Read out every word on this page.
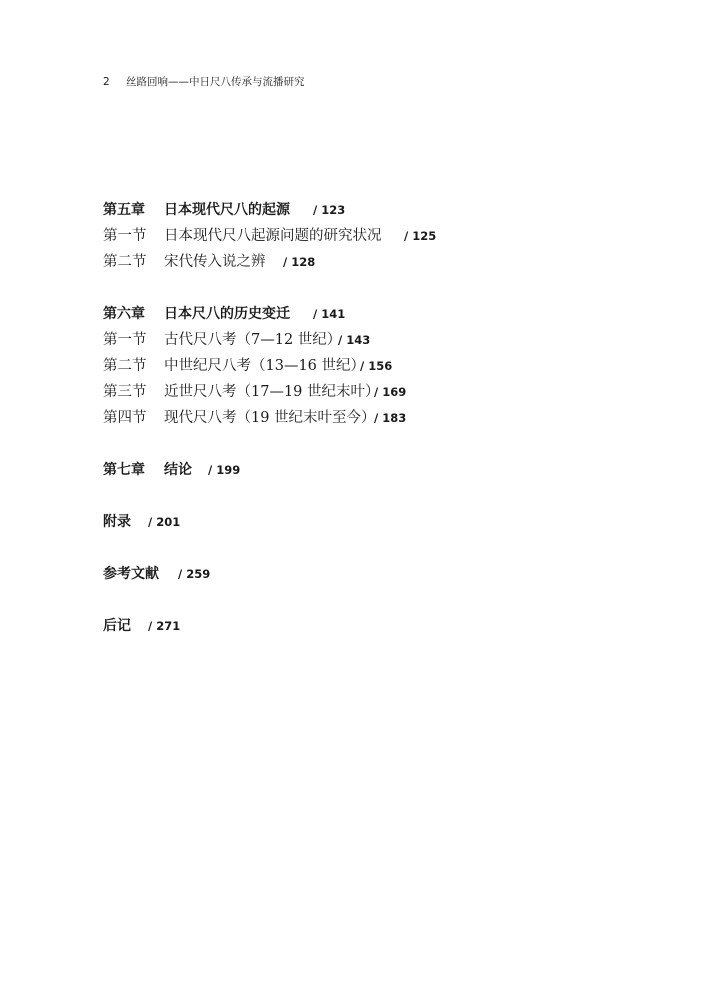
2 丝路回响——中日尺八传承与流播研究
第五章 日本现代尺八的起源 / 123
第一节 日本现代尺八起源问题的研究状况 / 125
第二节 宋代传入说之辨 / 128
第六章 日本尺八的历史变迁 / 141
第一节 古代尺八考（7—12 世纪）
/ 143
第二节 中世纪尺八考（13—16 世纪）
/ 156
第三节 近世尺八考（17—19 世纪末叶）
/ 169
第四节 现代尺八考（19 世纪末叶至今）
/ 183
第七章 结论 / 199
附录 / 201
参考文献 / 259
后记 / 271
